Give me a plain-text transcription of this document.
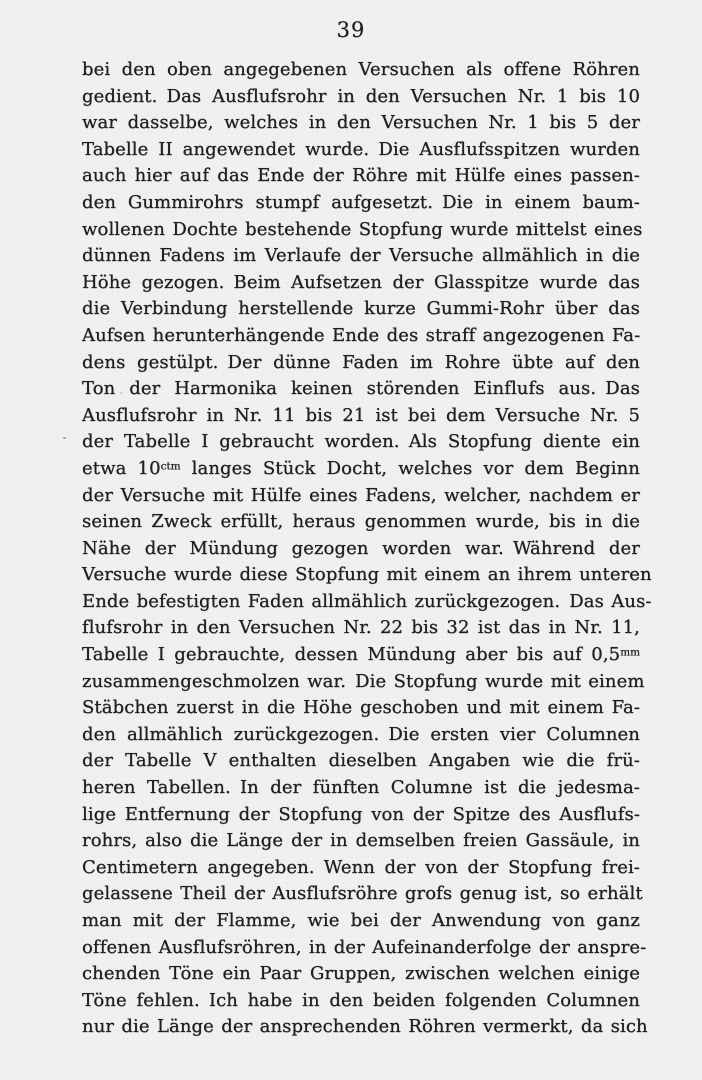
39
bei den oben angegebenen Versuchen als offene Röhren
gedient. Das Ausflufsrohr in den Versuchen Nr. 1 bis 10
war dasselbe, welches in den Versuchen Nr. 1 bis 5 der
Tabelle II angewendet wurde. Die Ausflufsspitzen wurden
auch hier auf das Ende der Röhre mit Hülfe eines passen-
den Gummirohrs stumpf aufgesetzt. Die in einem baum-
wollenen Dochte bestehende Stopfung wurde mittelst eines
dünnen Fadens im Verlaufe der Versuche allmählich in die
Höhe gezogen. Beim Aufsetzen der Glasspitze wurde das
die Verbindung herstellende kurze Gummi-Rohr über das
Aufsen herunterhängende Ende des straff angezogenen Fa-
dens gestülpt. Der dünne Faden im Rohre übte auf den
Ton der Harmonika keinen störenden Einflufs aus. Das
Ausflufsrohr in Nr. 11 bis 21 ist bei dem Versuche Nr. 5
der Tabelle I gebraucht worden. Als Stopfung diente ein
etwa $10^{ctm}$ langes Stück Docht, welches vor dem Beginn
der Versuche mit Hülfe eines Fadens, welcher, nachdem er
seinen Zweck erfüllt, heraus genommen wurde, bis in die
Nähe der Mündung gezogen worden war. Während der
Versuche wurde diese Stopfung mit einem an ihrem unteren
Ende befestigten Faden allmählich zurückgezogen. Das Aus-
flufsrohr in den Versuchen Nr. 22 bis 32 ist das in Nr. 11,
Tabelle I gebrauchte, dessen Mündung aber bis auf $0,5^{mm}$
zusammengeschmolzen war. Die Stopfung wurde mit einem
Stäbchen zuerst in die Höhe geschoben und mit einem Fa-
den allmählich zurückgezogen. Die ersten vier Columnen
der Tabelle V enthalten dieselben Angaben wie die frü-
heren Tabellen. In der fünften Columne ist die jedesma-
lige Entfernung der Stopfung von der Spitze des Ausflufs-
rohrs, also die Länge der in demselben freien Gassäule, in
Centimetern angegeben. Wenn der von der Stopfung frei-
gelassene Theil der Ausflufsröhre grofs genug ist, so erhält
man mit der Flamme, wie bei der Anwendung von ganz
offenen Ausflufsröhren, in der Aufeinanderfolge der anspre-
chenden Töne ein Paar Gruppen, zwischen welchen einige
Töne fehlen. Ich habe in den beiden folgenden Columnen
nur die Länge der ansprechenden Röhren vermerkt, da sich
